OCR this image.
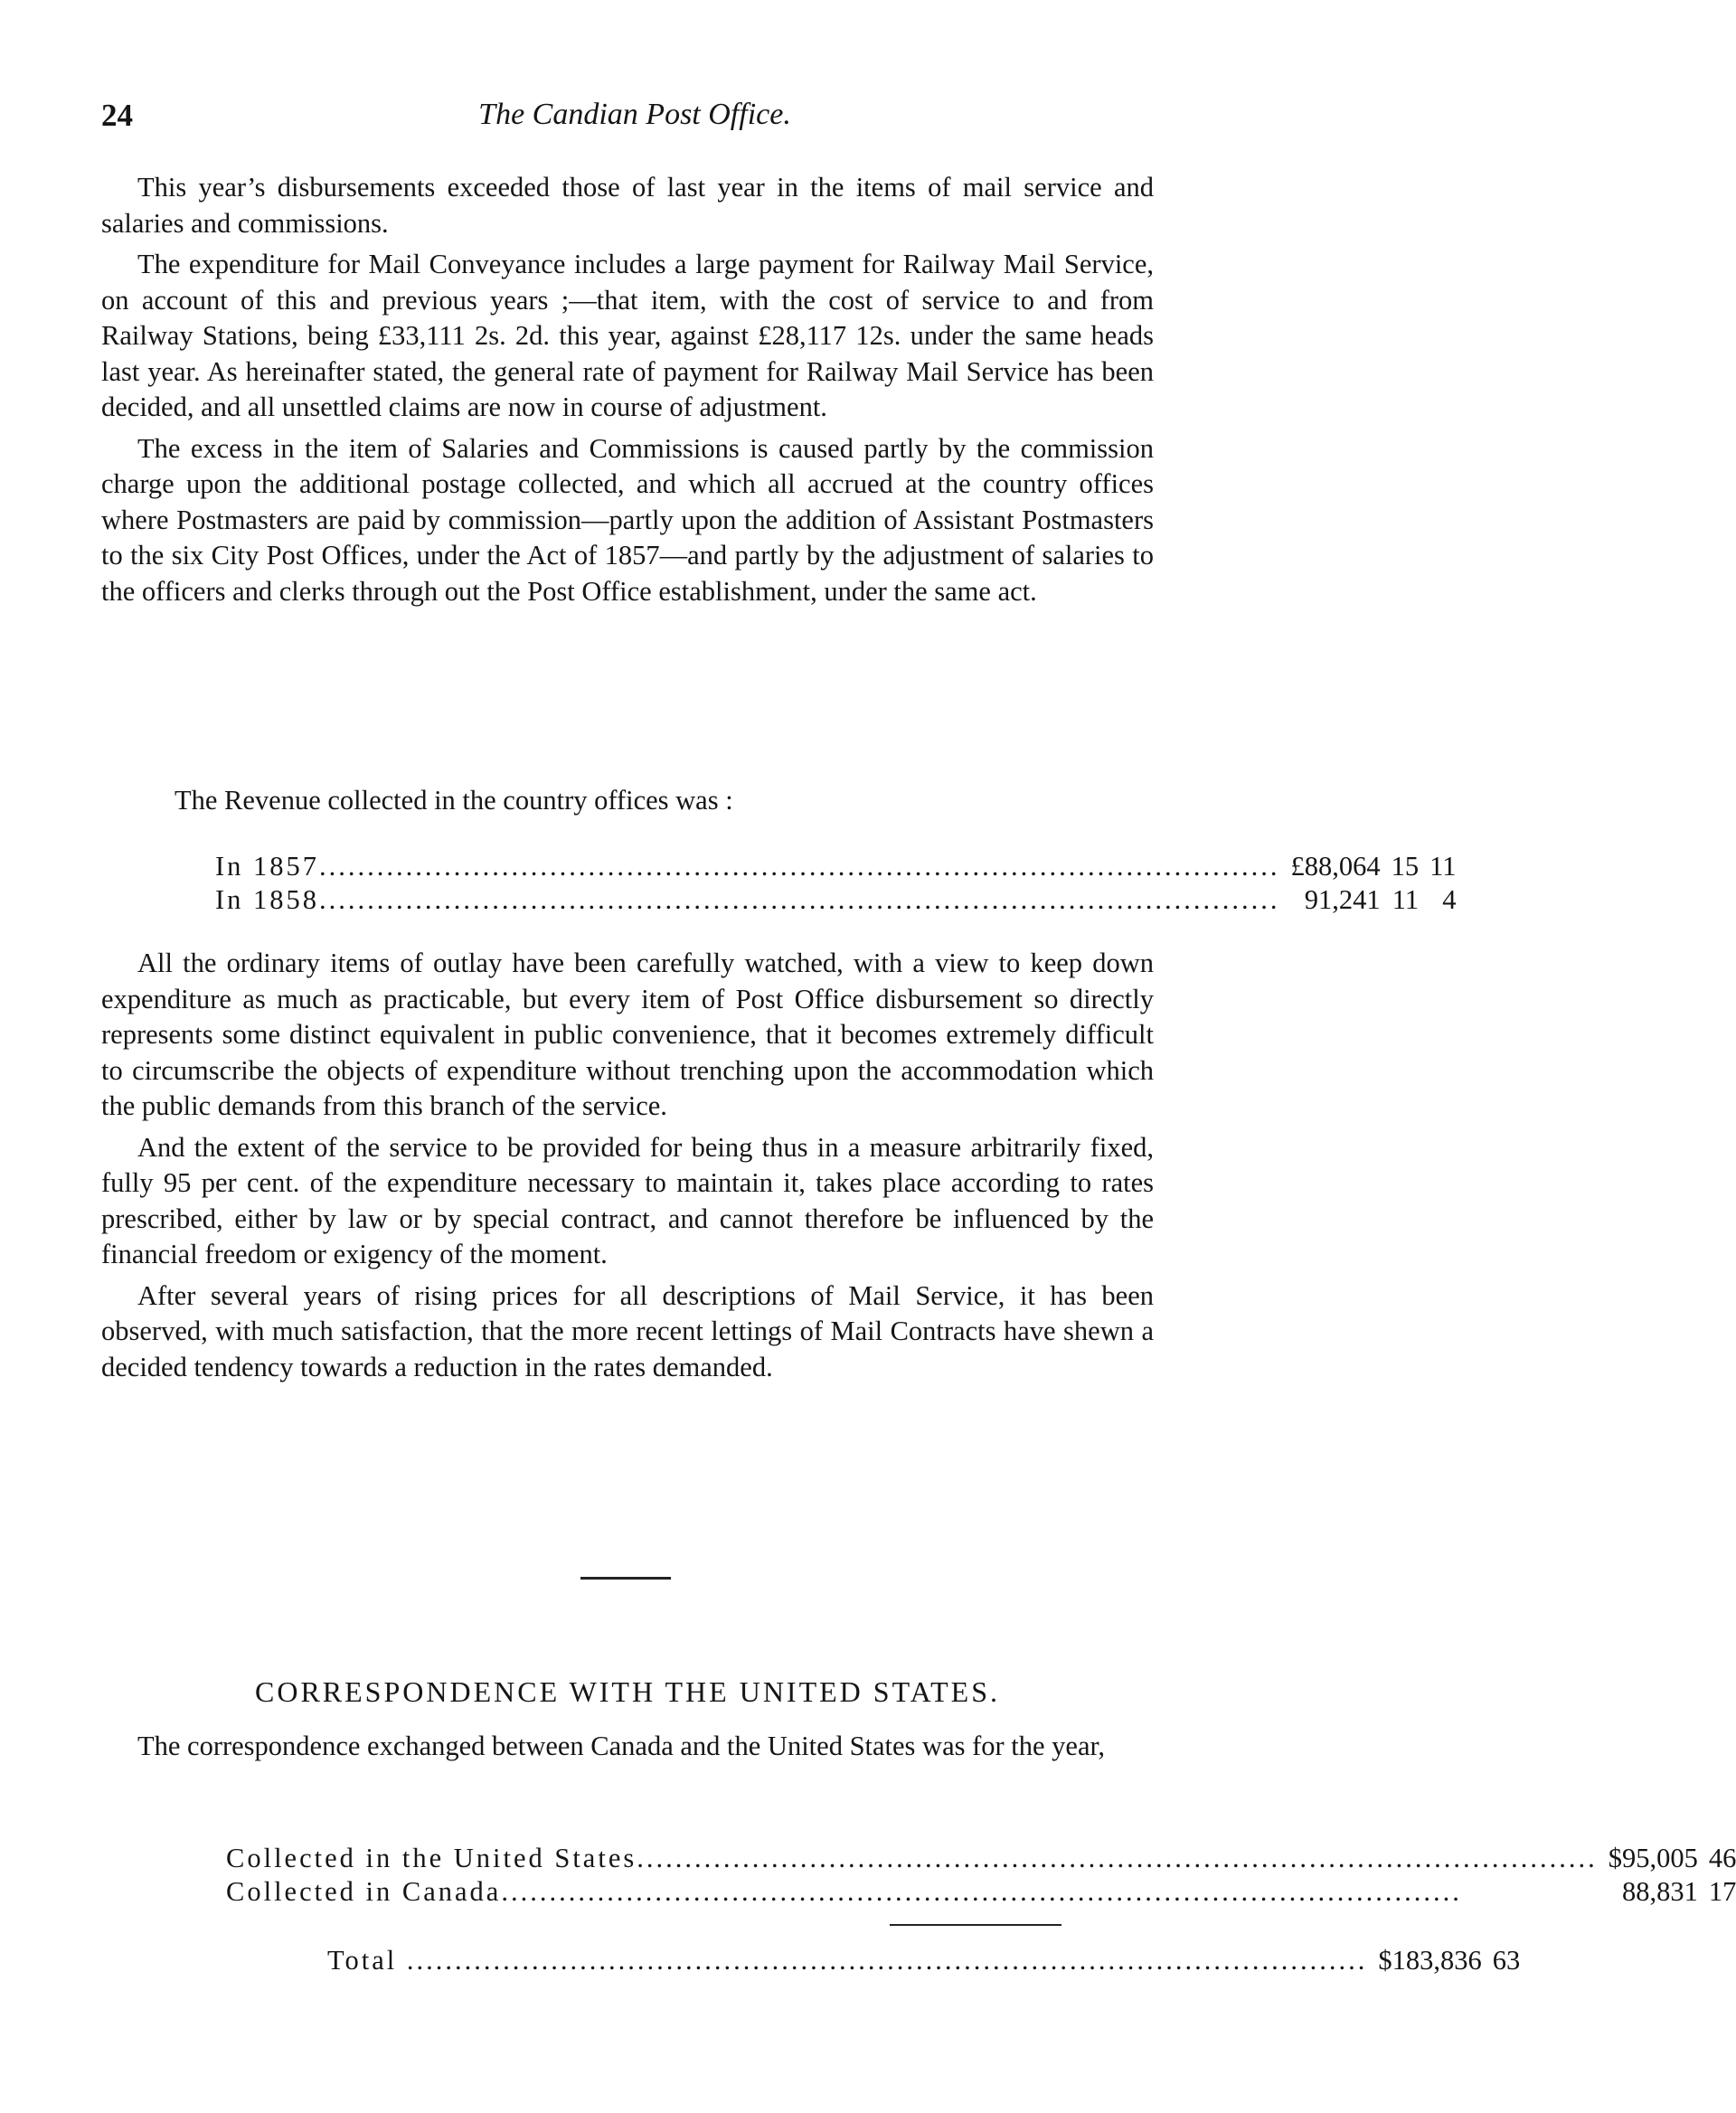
24	The Candian Post Office.

This year’s disbursements exceeded those of last year in the items of mail service and salaries and commissions.

The expenditure for Mail Conveyance includes a large payment for Railway Mail Service, on account of this and previous years ;—that item, with the cost of service to and from Railway Stations, being £33,111 2s. 2d. this year, against £28,117 12s. under the same heads last year. As hereinafter stated, the general rate of payment for Railway Mail Service has been decided, and all unsettled claims are now in course of adjustment.

The excess in the item of Salaries and Commissions is caused partly by the commission charge upon the additional postage collected, and which all accrued at the country offices where Postmasters are paid by commission—partly upon the addition of Assistant Postmasters to the six City Post Offices, under the Act of 1857—and partly by the adjustment of salaries to the officers and clerks through out the Post Office establishment, under the same act.

The Revenue collected in the country offices was :

In 1857....................................................................................................	£88,064	15	11

In 1858....................................................................................................	91,241	11	4

All the ordinary items of outlay have been carefully watched, with a view to keep down expenditure as much as practicable, but every item of Post Office disbursement so directly represents some distinct equivalent in public convenience, that it becomes extremely difficult to circumscribe the objects of expenditure without trenching upon the accommodation which the public demands from this branch of the service.

And the extent of the service to be provided for being thus in a measure arbitrarily fixed, fully 95 per cent. of the expenditure necessary to maintain it, takes place according to rates prescribed, either by law or by special contract, and cannot therefore be influenced by the financial freedom or exigency of the moment.

After several years of rising prices for all descriptions of Mail Service, it has been observed, with much satisfaction, that the more recent lettings of Mail Contracts have shewn a decided tendency towards a reduction in the rates demanded.

CORRESPONDENCE WITH THE UNITED STATES.

The correspondence exchanged between Canada and the United States was for the year,

Collected in the United States....................................................................................................	$95,005	46

Collected in Canada....................................................................................................	88,831	17
Total ....................................................................................................	$183,836	63
